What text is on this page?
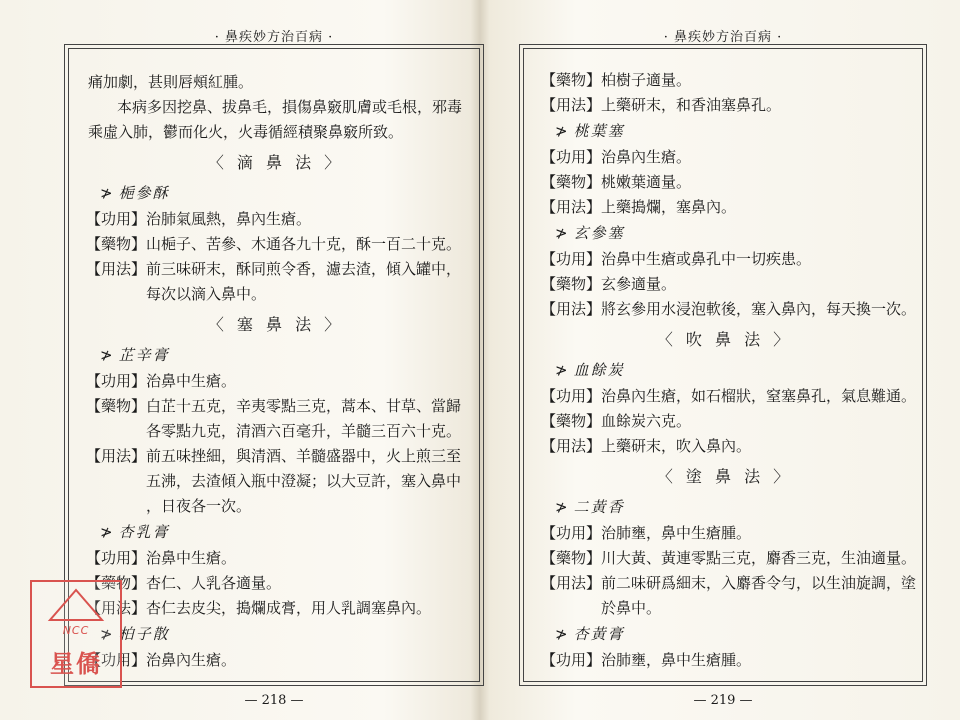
· 鼻疾妙方治百病 ·
痛加劇，甚則唇頰紅腫。
本病多因挖鼻、拔鼻毛，損傷鼻竅肌膚或毛根，邪毒
乘虛入肺，鬱而化火，火毒循經積聚鼻竅所致。
〈 滴 鼻 法 〉
≯ 梔參酥
【功用】 治肺氣風熱，鼻內生瘡。
【藥物】 山梔子、苦參、木通各九十克，酥一百二十克。
【用法】 前三味研末，酥同煎令香，濾去渣，傾入罐中，
每次以滴入鼻中。
〈 塞 鼻 法 〉
≯ 芷辛膏
【功用】 治鼻中生瘡。
【藥物】 白芷十五克，辛夷零點三克，蒿本、甘草、當歸
各零點九克，清酒六百毫升，羊髓三百六十克。
【用法】 前五味挫細，與清酒、羊髓盛器中，火上煎三至
五沸，去渣傾入瓶中澄凝；以大豆許，塞入鼻中
，日夜各一次。
≯ 杏乳膏
【功用】 治鼻中生瘡。
【藥物】 杏仁、人乳各適量。
【用法】 杏仁去皮尖，搗爛成膏，用人乳調塞鼻內。
≯ 柏子散
【功用】 治鼻內生瘡。
— 218 —
· 鼻疾妙方治百病 ·
【藥物】 柏樹子適量。
【用法】 上藥研末，和香油塞鼻孔。
≯ 桃葉塞
【功用】 治鼻內生瘡。
【藥物】 桃嫩葉適量。
【用法】 上藥搗爛，塞鼻內。
≯ 玄參塞
【功用】 治鼻中生瘡或鼻孔中一切疾患。
【藥物】 玄參適量。
【用法】 將玄參用水浸泡軟後，塞入鼻內，每天換一次。
〈 吹 鼻 法 〉
≯ 血餘炭
【功用】 治鼻內生瘡，如石榴狀，窒塞鼻孔，氣息難通。
【藥物】 血餘炭六克。
【用法】 上藥研末，吹入鼻內。
〈 塗 鼻 法 〉
≯ 二黃香
【功用】 治肺壅，鼻中生瘡腫。
【藥物】 川大黃、黃連零點三克，麝香三克，生油適量。
【用法】 前二味研爲細末，入麝香令勻，以生油旋調，塗
於鼻中。
≯ 杏黃膏
【功用】 治肺壅，鼻中生瘡腫。
— 219 —
NCC
星僑
